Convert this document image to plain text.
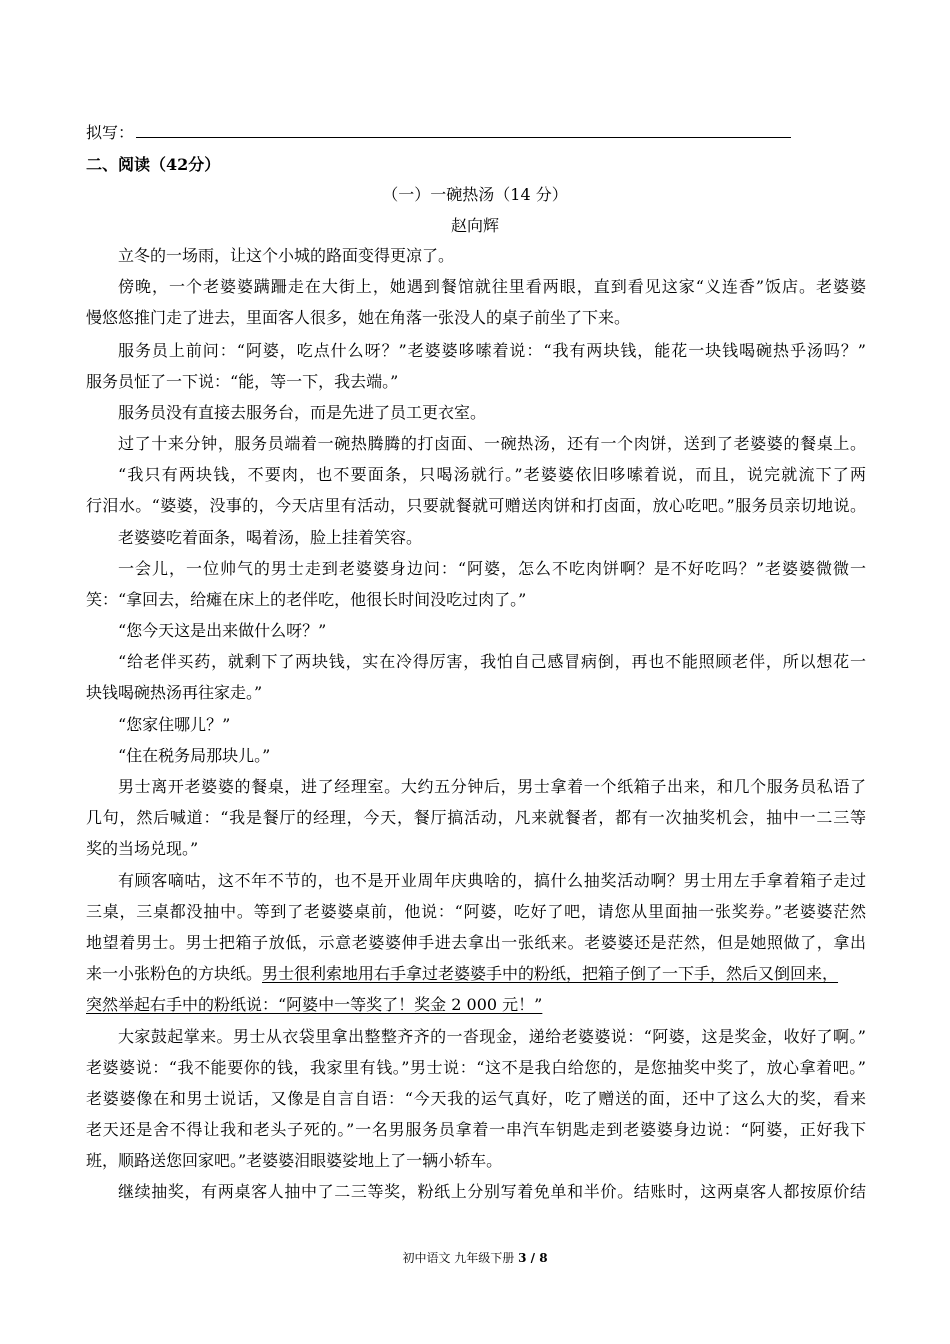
拟写：
二、阅读（42分）
（一）一碗热汤（14 分）
赵向辉
立冬的一场雨，让这个小城的路面变得更凉了。
傍晚，一个老婆婆蹒跚走在大街上，她遇到餐馆就往里看两眼，直到看见这家“义连香”饭店。老婆婆
慢悠悠推门走了进去，里面客人很多，她在角落一张没人的桌子前坐了下来。
服务员上前问：“阿婆，吃点什么呀？”老婆婆哆嗦着说：“我有两块钱，能花一块钱喝碗热乎汤吗？”
服务员怔了一下说：“能，等一下，我去端。”
服务员没有直接去服务台，而是先进了员工更衣室。
过了十来分钟，服务员端着一碗热腾腾的打卤面、一碗热汤，还有一个肉饼，送到了老婆婆的餐桌上。
“我只有两块钱，不要肉，也不要面条，只喝汤就行。”老婆婆依旧哆嗦着说，而且，说完就流下了两
行泪水。“婆婆，没事的，今天店里有活动，只要就餐就可赠送肉饼和打卤面，放心吃吧。”服务员亲切地说。
老婆婆吃着面条，喝着汤，脸上挂着笑容。
一会儿，一位帅气的男士走到老婆婆身边问：“阿婆，怎么不吃肉饼啊？是不好吃吗？”老婆婆微微一
笑：“拿回去，给瘫在床上的老伴吃，他很长时间没吃过肉了。”
“您今天这是出来做什么呀？”
“给老伴买药，就剩下了两块钱，实在冷得厉害，我怕自己感冒病倒，再也不能照顾老伴，所以想花一
块钱喝碗热汤再往家走。”
“您家住哪儿？”
“住在税务局那块儿。”
男士离开老婆婆的餐桌，进了经理室。大约五分钟后，男士拿着一个纸箱子出来，和几个服务员私语了
几句，然后喊道：“我是餐厅的经理，今天，餐厅搞活动，凡来就餐者，都有一次抽奖机会，抽中一二三等
奖的当场兑现。”
有顾客嘀咕，这不年不节的，也不是开业周年庆典啥的，搞什么抽奖活动啊？男士用左手拿着箱子走过
三桌，三桌都没抽中。等到了老婆婆桌前，他说：“阿婆，吃好了吧，请您从里面抽一张奖券。”老婆婆茫然
地望着男士。男士把箱子放低，示意老婆婆伸手进去拿出一张纸来。老婆婆还是茫然，但是她照做了，拿出
来一小张粉色的方块纸。男士很利索地用右手拿过老婆婆手中的粉纸，把箱子倒了一下手，然后又倒回来，
突然举起右手中的粉纸说：“阿婆中一等奖了！奖金 2 000 元！”
大家鼓起掌来。男士从衣袋里拿出整整齐齐的一沓现金，递给老婆婆说：“阿婆，这是奖金，收好了啊。”
老婆婆说：“我不能要你的钱，我家里有钱。”男士说：“这不是我白给您的，是您抽奖中奖了，放心拿着吧。”
老婆婆像在和男士说话，又像是自言自语：“今天我的运气真好，吃了赠送的面，还中了这么大的奖，看来
老天还是舍不得让我和老头子死的。”一名男服务员拿着一串汽车钥匙走到老婆婆身边说：“阿婆，正好我下
班，顺路送您回家吧。”老婆婆泪眼婆娑地上了一辆小轿车。
继续抽奖，有两桌客人抽中了二三等奖，粉纸上分别写着免单和半价。结账时，这两桌客人都按原价结
初中语文 九年级下册 3 / 8
